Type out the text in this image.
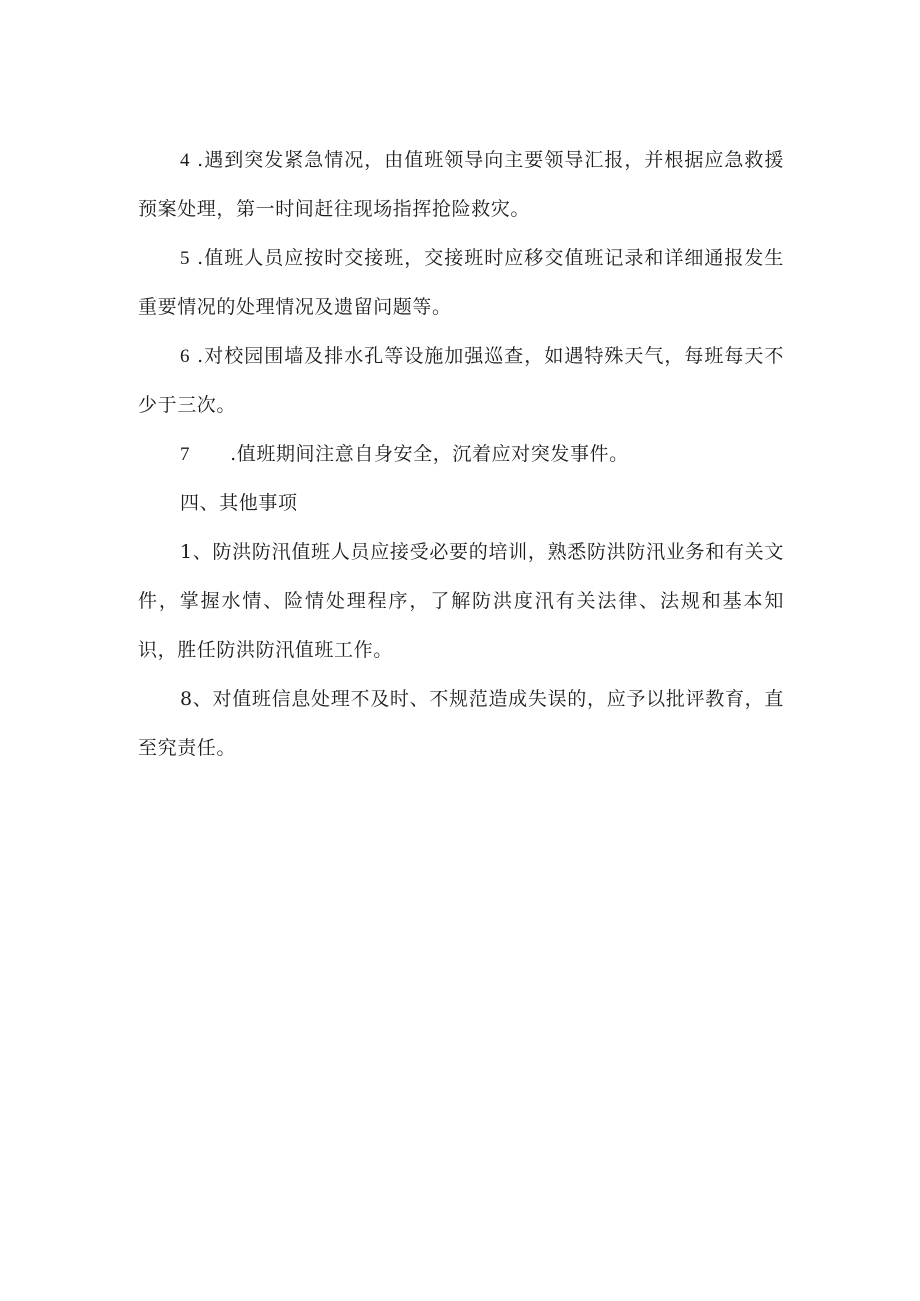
4 .遇到突发紧急情况，由值班领导向主要领导汇报，并根据应急救援预案处理，第一时间赶往现场指挥抢险救灾。

5 .值班人员应按时交接班，交接班时应移交值班记录和详细通报发生重要情况的处理情况及遗留问题等。

6 .对校园围墙及排水孔等设施加强巡查，如遇特殊天气，每班每天不少于三次。

7 .值班期间注意自身安全，沉着应对突发事件。

四、其他事项

1、防洪防汛值班人员应接受必要的培训，熟悉防洪防汛业务和有关文件，掌握水情、险情处理程序，了解防洪度汛有关法律、法规和基本知识，胜任防洪防汛值班工作。

8、对值班信息处理不及时、不规范造成失误的，应予以批评教育，直至究责任。
